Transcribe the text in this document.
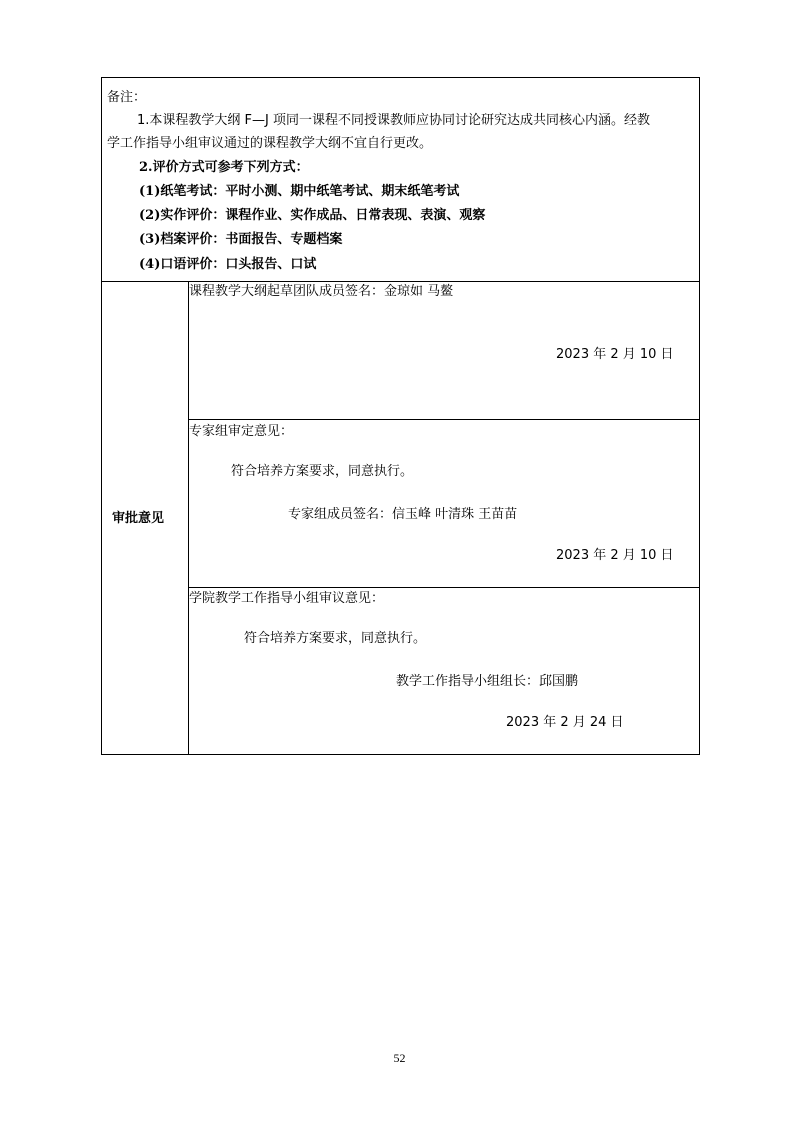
备注：
1.本课程教学大纲 F—J 项同一课程不同授课教师应协同讨论研究达成共同核心内涵。经教
学工作指导小组审议通过的课程教学大纲不宜自行更改。
2.评价方式可参考下列方式：
(1)纸笔考试：平时小测、期中纸笔考试、期末纸笔考试
(2)实作评价：课程作业、实作成品、日常表现、表演、观察
(3)档案评价：书面报告、专题档案
(4)口语评价：口头报告、口试
审批意见
课程教学大纲起草团队成员签名：金琼如 马鳌
2023 年 2 月 10 日
专家组审定意见：
符合培养方案要求，同意执行。
专家组成员签名：信玉峰 叶清珠 王苗苗
2023 年 2 月 10 日
学院教学工作指导小组审议意见：
符合培养方案要求，同意执行。
教学工作指导小组组长：邱国鹏
2023 年 2 月 24 日
52
